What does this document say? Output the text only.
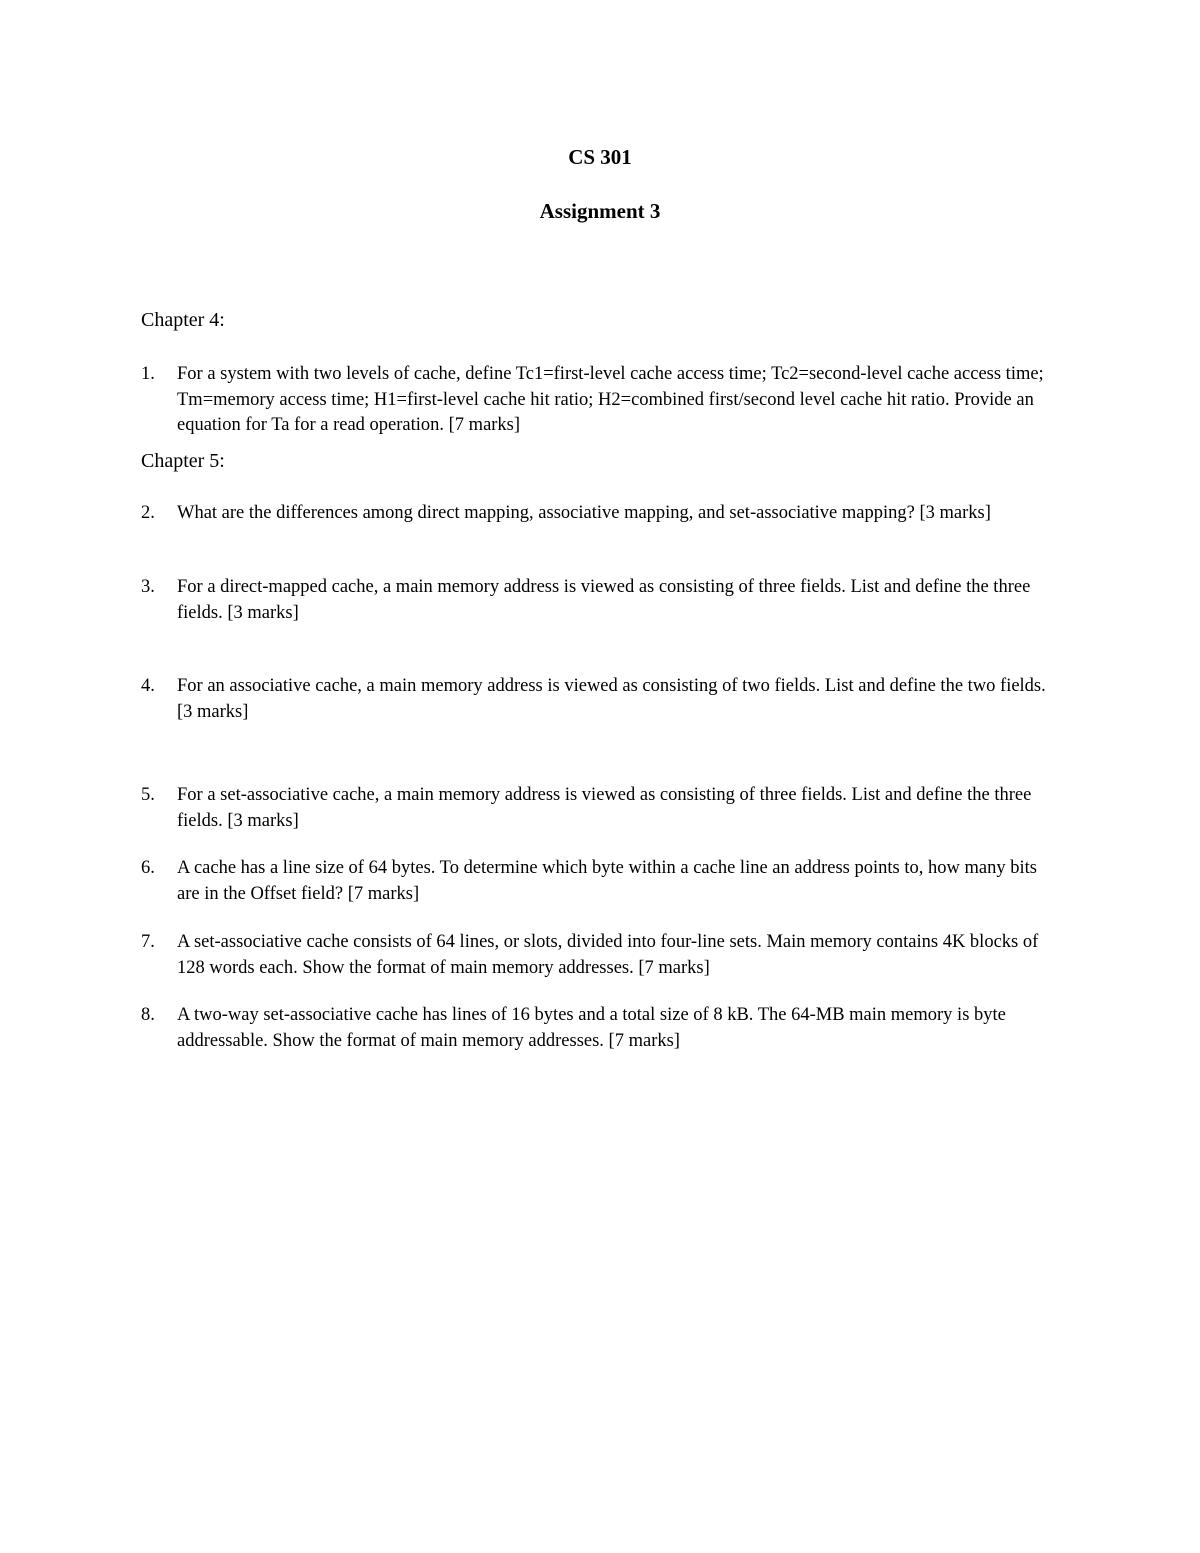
CS 301
Assignment 3
Chapter 4:
1.	For a system with two levels of cache, define Tc1=first-level cache access time; Tc2=second-level cache access time; Tm=memory access time; H1=first-level cache hit ratio; H2=combined first/second level cache hit ratio. Provide an equation for Ta for a read operation. [7 marks]
Chapter 5:
2.	What are the differences among direct mapping, associative mapping, and set-associative mapping? [3 marks]
3.	For a direct-mapped cache, a main memory address is viewed as consisting of three fields. List and define the three fields. [3 marks]
4.	For an associative cache, a main memory address is viewed as consisting of two fields. List and define the two fields. [3 marks]
5.	For a set-associative cache, a main memory address is viewed as consisting of three fields. List and define the three fields. [3 marks]
6.	A cache has a line size of 64 bytes. To determine which byte within a cache line an address points to, how many bits are in the Offset field? [7 marks]
7.	A set-associative cache consists of 64 lines, or slots, divided into four-line sets. Main memory contains 4K blocks of 128 words each. Show the format of main memory addresses. [7 marks]
8.	A two-way set-associative cache has lines of 16 bytes and a total size of 8 kB. The 64-MB main memory is byte addressable. Show the format of main memory addresses. [7 marks]
